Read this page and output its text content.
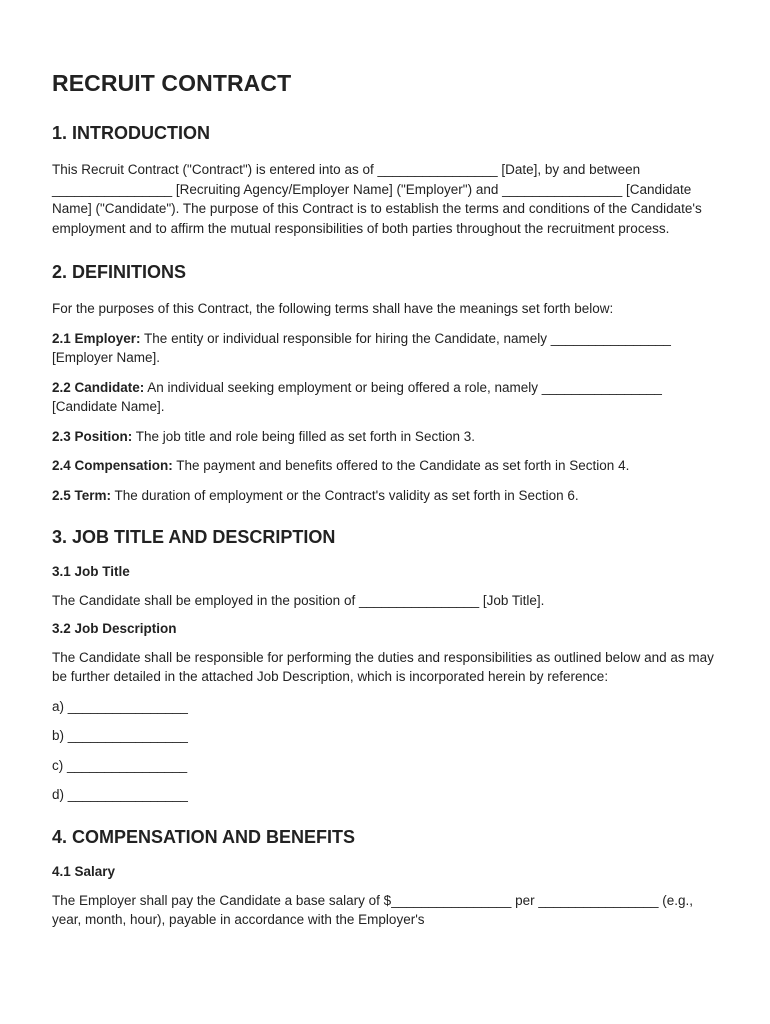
RECRUIT CONTRACT
1. INTRODUCTION

This Recruit Contract ("Contract") is entered into as of ________________ [Date], by and between ________________ [Recruiting Agency/Employer Name] ("Employer") and ________________ [Candidate Name] ("Candidate"). The purpose of this Contract is to establish the terms and conditions of the Candidate's employment and to affirm the mutual responsibilities of both parties throughout the recruitment process.

2. DEFINITIONS

For the purposes of this Contract, the following terms shall have the meanings set forth below:

2.1 Employer: The entity or individual responsible for hiring the Candidate, namely ________________ [Employer Name].

2.2 Candidate: An individual seeking employment or being offered a role, namely ________________ [Candidate Name].

2.3 Position: The job title and role being filled as set forth in Section 3.

2.4 Compensation: The payment and benefits offered to the Candidate as set forth in Section 4.

2.5 Term: The duration of employment or the Contract's validity as set forth in Section 6.

3. JOB TITLE AND DESCRIPTION
3.1 Job Title

The Candidate shall be employed in the position of ________________ [Job Title].

3.2 Job Description

The Candidate shall be responsible for performing the duties and responsibilities as outlined below and as may be further detailed in the attached Job Description, which is incorporated herein by reference:

a) ________________

b) ________________

c) ________________

d) ________________

4. COMPENSATION AND BENEFITS
4.1 Salary

The Employer shall pay the Candidate a base salary of $________________ per ________________ (e.g., year, month, hour), payable in accordance with the Employer's
